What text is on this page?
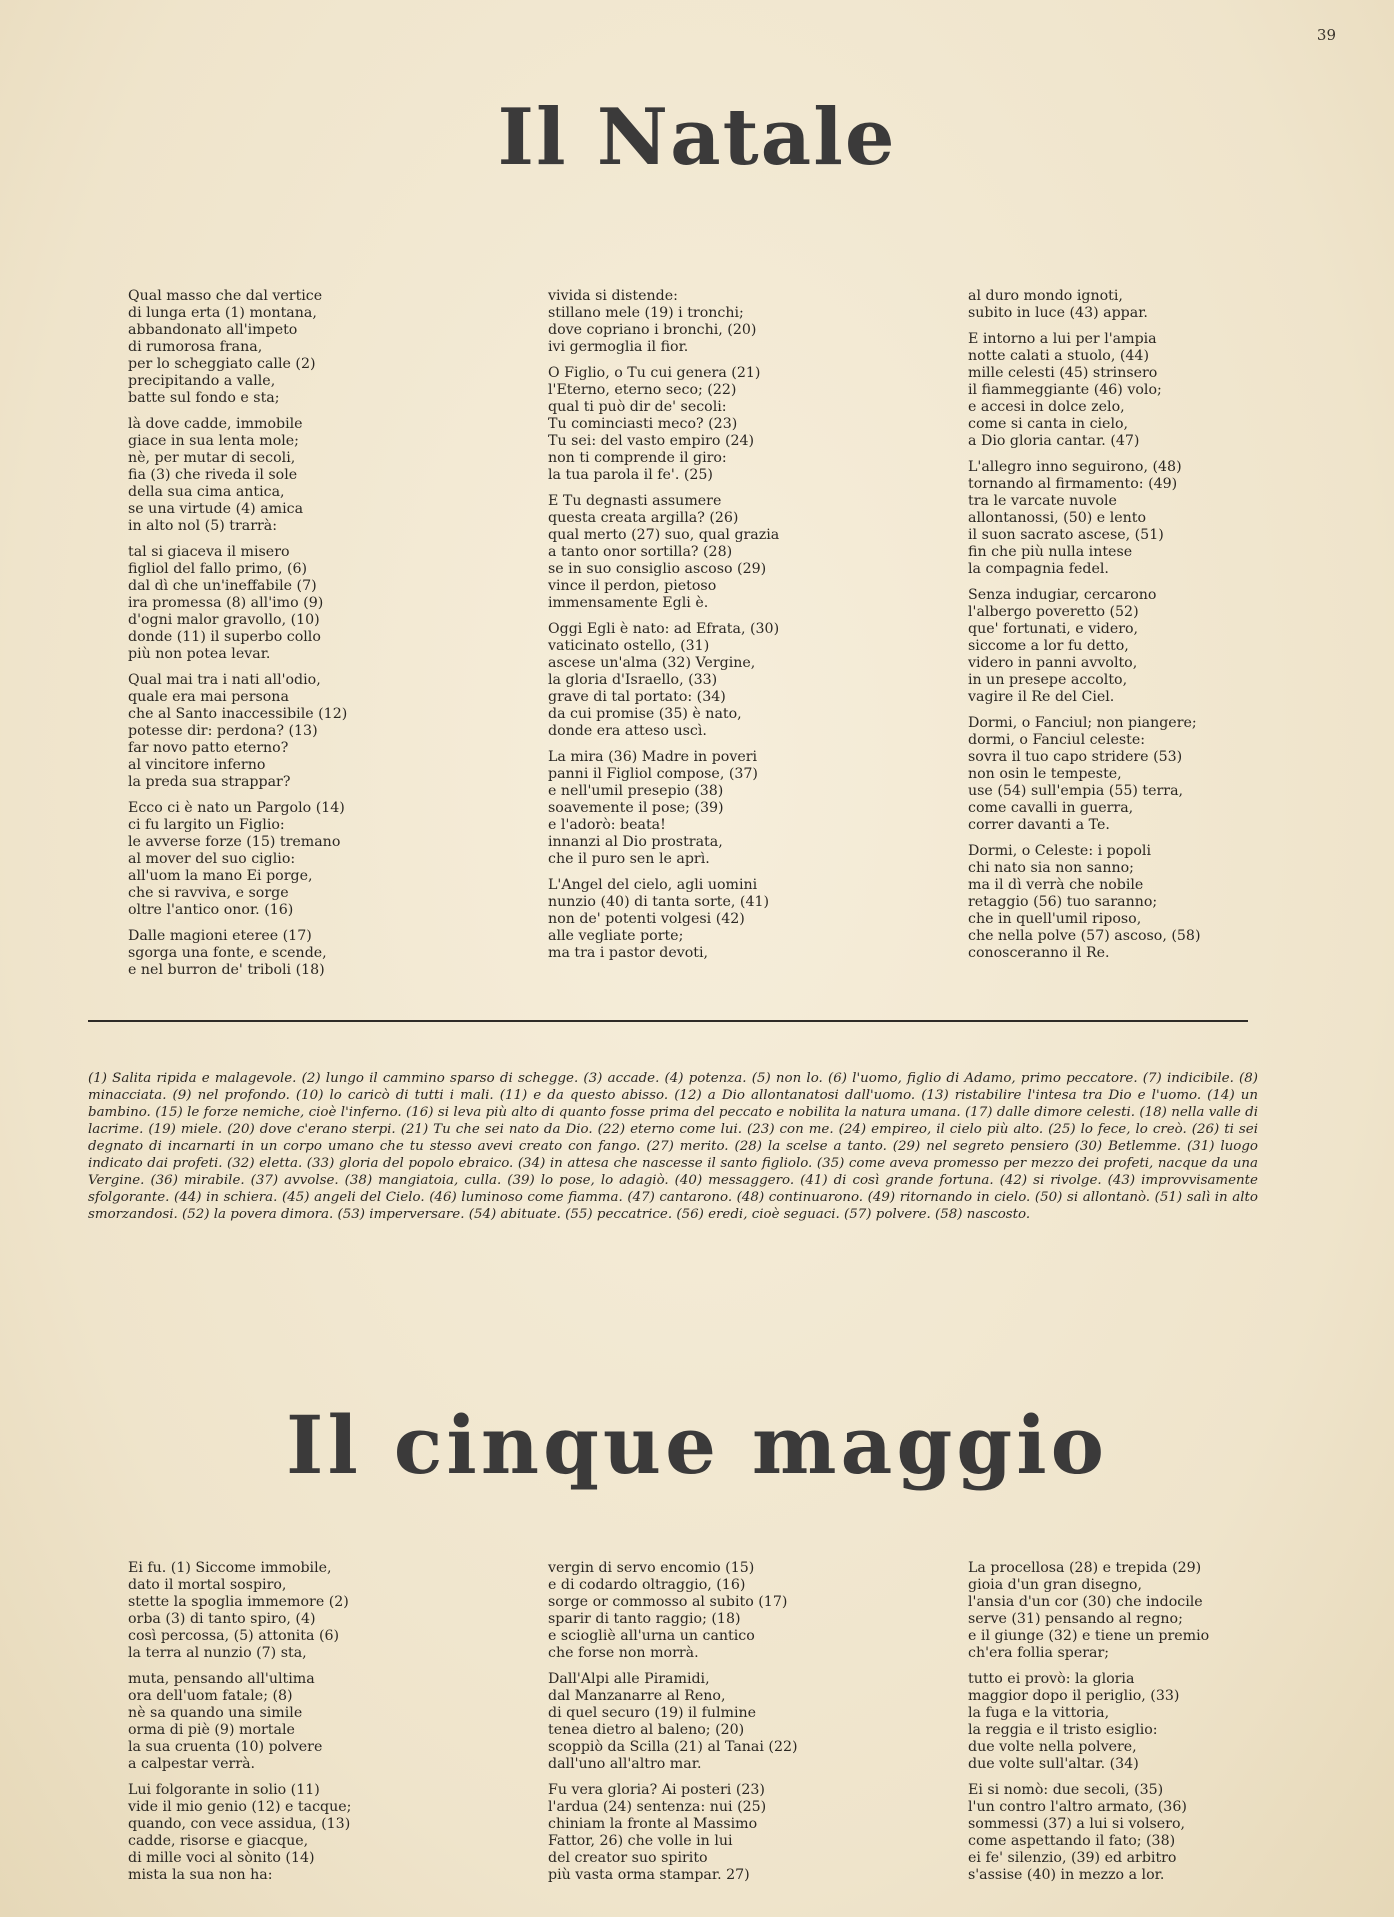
39
Il Natale

Qual masso che dal vertice
di lunga erta (1) montana,
abbandonato all'impeto
di rumorosa frana,
per lo scheggiato calle (2)
precipitando a valle,
batte sul fondo e sta;

là dove cadde, immobile
giace in sua lenta mole;
nè, per mutar di secoli,
fia (3) che riveda il sole
della sua cima antica,
se una virtude (4) amica
in alto nol (5) trarrà:

tal si giaceva il misero
figliol del fallo primo, (6)
dal dì che un'ineffabile (7)
ira promessa (8) all'imo (9)
d'ogni malor gravollo, (10)
donde (11) il superbo collo
più non potea levar.

Qual mai tra i nati all'odio,
quale era mai persona
che al Santo inaccessibile (12)
potesse dir: perdona? (13)
far novo patto eterno?
al vincitore inferno
la preda sua strappar?

Ecco ci è nato un Pargolo (14)
ci fu largito un Figlio:
le avverse forze (15) tremano
al mover del suo ciglio:
all'uom la mano Ei porge,
che si ravviva, e sorge
oltre l'antico onor. (16)

Dalle magioni eteree (17)
sgorga una fonte, e scende,
e nel burron de' triboli (18)

vivida si distende:
stillano mele (19) i tronchi;
dove copriano i bronchi, (20)
ivi germoglia il fior.

O Figlio, o Tu cui genera (21)
l'Eterno, eterno seco; (22)
qual ti può dir de' secoli:
Tu cominciasti meco? (23)
Tu sei: del vasto empiro (24)
non ti comprende il giro:
la tua parola il fe'. (25)

E Tu degnasti assumere
questa creata argilla? (26)
qual merto (27) suo, qual grazia
a tanto onor sortilla? (28)
se in suo consiglio ascoso (29)
vince il perdon, pietoso
immensamente Egli è.

Oggi Egli è nato: ad Efrata, (30)
vaticinato ostello, (31)
ascese un'alma (32) Vergine,
la gloria d'Israello, (33)
grave di tal portato: (34)
da cui promise (35) è nato,
donde era atteso uscì.

La mira (36) Madre in poveri
panni il Figliol compose, (37)
e nell'umil presepio (38)
soavemente il pose; (39)
e l'adorò: beata!
innanzi al Dio prostrata,
che il puro sen le aprì.

L'Angel del cielo, agli uomini
nunzio (40) di tanta sorte, (41)
non de' potenti volgesi (42)
alle vegliate porte;
ma tra i pastor devoti,

al duro mondo ignoti,
subito in luce (43) appar.

E intorno a lui per l'ampia
notte calati a stuolo, (44)
mille celesti (45) strinsero
il fiammeggiante (46) volo;
e accesi in dolce zelo,
come si canta in cielo,
a Dio gloria cantar. (47)

L'allegro inno seguirono, (48)
tornando al firmamento: (49)
tra le varcate nuvole
allontanossi, (50) e lento
il suon sacrato ascese, (51)
fin che più nulla intese
la compagnia fedel.

Senza indugiar, cercarono
l'albergo poveretto (52)
que' fortunati, e videro,
siccome a lor fu detto,
videro in panni avvolto,
in un presepe accolto,
vagire il Re del Ciel.

Dormi, o Fanciul; non piangere;
dormi, o Fanciul celeste:
sovra il tuo capo stridere (53)
non osin le tempeste,
use (54) sull'empia (55) terra,
come cavalli in guerra,
correr davanti a Te.

Dormi, o Celeste: i popoli
chi nato sia non sanno;
ma il dì verrà che nobile
retaggio (56) tuo saranno;
che in quell'umil riposo,
che nella polve (57) ascoso, (58)
conosceranno il Re.

(1) Salita ripida e malagevole. (2) lungo il cammino sparso di schegge. (3) accade. (4) potenza. (5) non lo. (6) l'uomo, figlio di Adamo, primo peccatore. (7) indicibile. (8) minacciata. (9) nel profondo. (10) lo caricò di tutti i mali. (11) e da questo abisso. (12) a Dio allontanatosi dall'uomo. (13) ristabilire l'intesa tra Dio e l'uomo. (14) un bambino. (15) le forze nemiche, cioè l'inferno. (16) si leva più alto di quanto fosse prima del peccato e nobilita la natura umana. (17) dalle dimore celesti. (18) nella valle di lacrime. (19) miele. (20) dove c'erano sterpi. (21) Tu che sei nato da Dio. (22) eterno come lui. (23) con me. (24) empireo, il cielo più alto. (25) lo fece, lo creò. (26) ti sei degnato di incarnarti in un corpo umano che tu stesso avevi creato con fango. (27) merito. (28) la scelse a tanto. (29) nel segreto pensiero (30) Betlemme. (31) luogo indicato dai profeti. (32) eletta. (33) gloria del popolo ebraico. (34) in attesa che nascesse il santo figliolo. (35) come aveva promesso per mezzo dei profeti, nacque da una Vergine. (36) mirabile. (37) avvolse. (38) mangiatoia, culla. (39) lo pose, lo adagiò. (40) messaggero. (41) di così grande fortuna. (42) si rivolge. (43) improvvisamente sfolgorante. (44) in schiera. (45) angeli del Cielo. (46) luminoso come fiamma. (47) cantarono. (48) continuarono. (49) ritornando in cielo. (50) si allontanò. (51) salì in alto smorzandosi. (52) la povera dimora. (53) imperversare. (54) abituate. (55) peccatrice. (56) eredi, cioè seguaci. (57) polvere. (58) nascosto.

Il cinque maggio

Ei fu. (1) Siccome immobile,
dato il mortal sospiro,
stette la spoglia immemore (2)
orba (3) di tanto spiro, (4)
così percossa, (5) attonita (6)
la terra al nunzio (7) sta,

muta, pensando all'ultima
ora dell'uom fatale; (8)
nè sa quando una simile
orma di piè (9) mortale
la sua cruenta (10) polvere
a calpestar verrà.

Lui folgorante in solio (11)
vide il mio genio (12) e tacque;
quando, con vece assidua, (13)
cadde, risorse e giacque,
di mille voci al sònito (14)
mista la sua non ha:

vergin di servo encomio (15)
e di codardo oltraggio, (16)
sorge or commosso al subito (17)
sparir di tanto raggio; (18)
e sciogliè all'urna un cantico
che forse non morrà.

Dall'Alpi alle Piramidi,
dal Manzanarre al Reno,
di quel securo (19) il fulmine
tenea dietro al baleno; (20)
scoppiò da Scilla (21) al Tanai (22)
dall'uno all'altro mar.

Fu vera gloria? Ai posteri (23)
l'ardua (24) sentenza: nui (25)
chiniam la fronte al Massimo
Fattor, 26) che volle in lui
del creator suo spirito
più vasta orma stampar. 27)

La procellosa (28) e trepida (29)
gioia d'un gran disegno,
l'ansia d'un cor (30) che indocile
serve (31) pensando al regno;
e il giunge (32) e tiene un premio
ch'era follia sperar;

tutto ei provò: la gloria
maggior dopo il periglio, (33)
la fuga e la vittoria,
la reggia e il tristo esiglio:
due volte nella polvere,
due volte sull'altar. (34)

Ei si nomò: due secoli, (35)
l'un contro l'altro armato, (36)
sommessi (37) a lui si volsero,
come aspettando il fato; (38)
ei fe' silenzio, (39) ed arbitro
s'assise (40) in mezzo a lor.
